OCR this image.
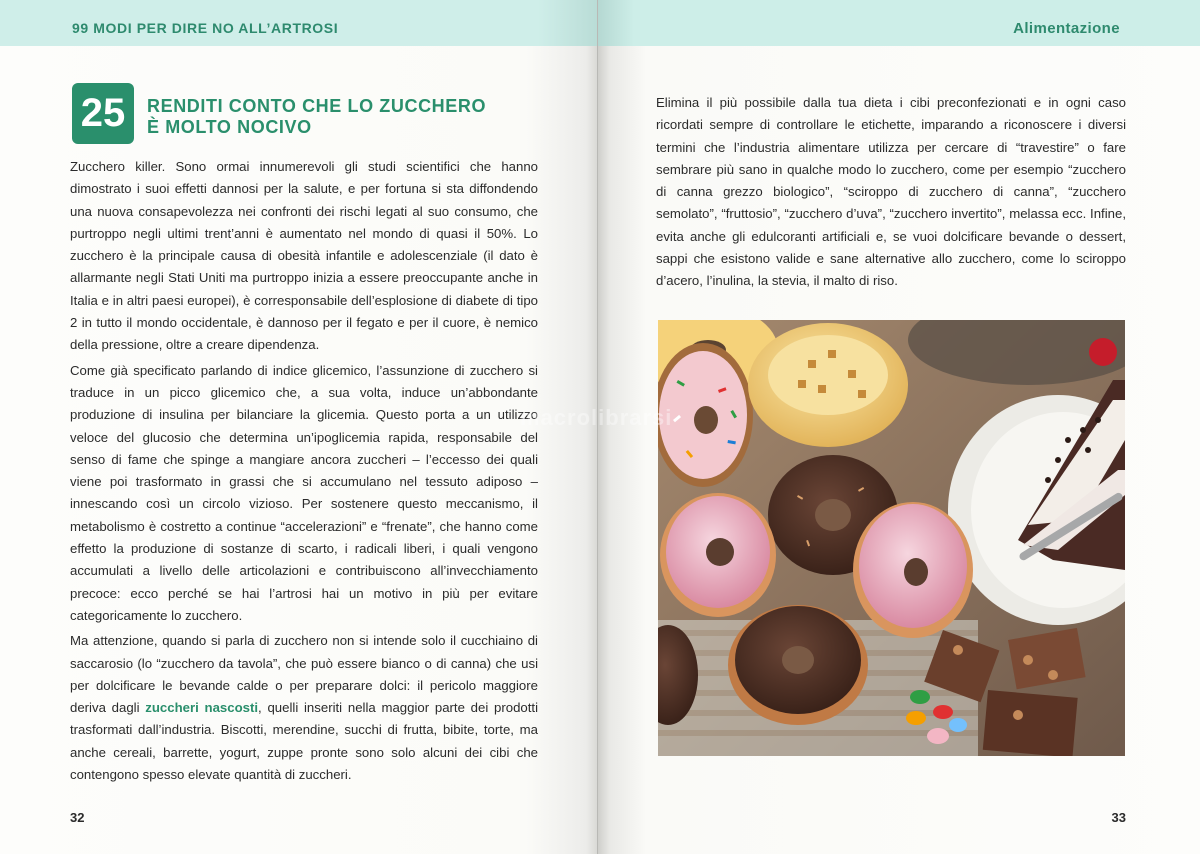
99 MODI PER DIRE NO ALL’ARTROSI
25	RENDITI CONTO CHE LO ZUCCHERO
È MOLTO NOCIVO

Zucchero killer. Sono ormai innumerevoli gli studi scientifici che hanno dimostrato i suoi effetti dannosi per la salute, e per fortuna si sta diffondendo una nuova consapevolezza nei confronti dei rischi legati al suo consumo, che purtroppo negli ultimi trent’anni è aumentato nel mondo di quasi il 50%. Lo zucchero è la principale causa di obesità infantile e adolescenziale (il dato è allarmante negli Stati Uniti ma purtroppo inizia a essere preoccupante anche in Italia e in altri paesi europei), è corresponsabile dell’esplosione di diabete di tipo 2 in tutto il mondo occidentale, è dannoso per il fegato e per il cuore, è nemico della pressione, oltre a creare dipendenza.

Come già specificato parlando di indice glicemico, l’assunzione di zucchero si traduce in un picco glicemico che, a sua volta, induce un’abbondante produzione di insulina per bilanciare la glicemia. Questo porta a un utilizzo veloce del glucosio che determina un’ipoglicemia rapida, responsabile del senso di fame che spinge a mangiare ancora zuccheri – l’eccesso dei quali viene poi trasformato in grassi che si accumulano nel tessuto adiposo – innescando così un circolo vizioso. Per sostenere questo meccanismo, il metabolismo è costretto a continue “accelerazioni” e “frenate”, che hanno come effetto la produzione di sostanze di scarto, i radicali liberi, i quali vengono accumulati a livello delle articolazioni e contribuiscono all’invecchiamento precoce: ecco perché se hai l’artrosi hai un motivo in più per evitare categoricamente lo zucchero.

Ma attenzione, quando si parla di zucchero non si intende solo il cucchiaino di saccarosio (lo “zucchero da tavola”, che può essere bianco o di canna) che usi per dolcificare le bevande calde o per preparare dolci: il pericolo maggiore deriva dagli zuccheri nascosti, quelli inseriti nella maggior parte dei prodotti trasformati dall’industria. Biscotti, merendine, succhi di frutta, bibite, torte, ma anche cereali, barrette, yogurt, zuppe pronte sono solo alcuni dei cibi che contengono spesso elevate quantità di zuccheri.

32
Alimentazione

Elimina il più possibile dalla tua dieta i cibi preconfezionati e in ogni caso ricordati sempre di controllare le etichette, imparando a riconoscere i diversi termini che l’industria alimentare utilizza per cercare di “travestire” o fare sembrare più sano in qualche modo lo zucchero, come per esempio “zucchero di canna grezzo biologico”, “sciroppo di zucchero di canna”, “zucchero semolato”, “fruttosio”, “zucchero d’uva”, “zucchero invertito”, melassa ecc. Infine, evita anche gli edulcoranti artificiali e, se vuoi dolcificare bevande o dessert, sappi che esistono valide e sane alternative allo zucchero, come lo sciroppo d’acero, l’inulina, la stevia, il malto di riso.

33
macrolibrarsi
